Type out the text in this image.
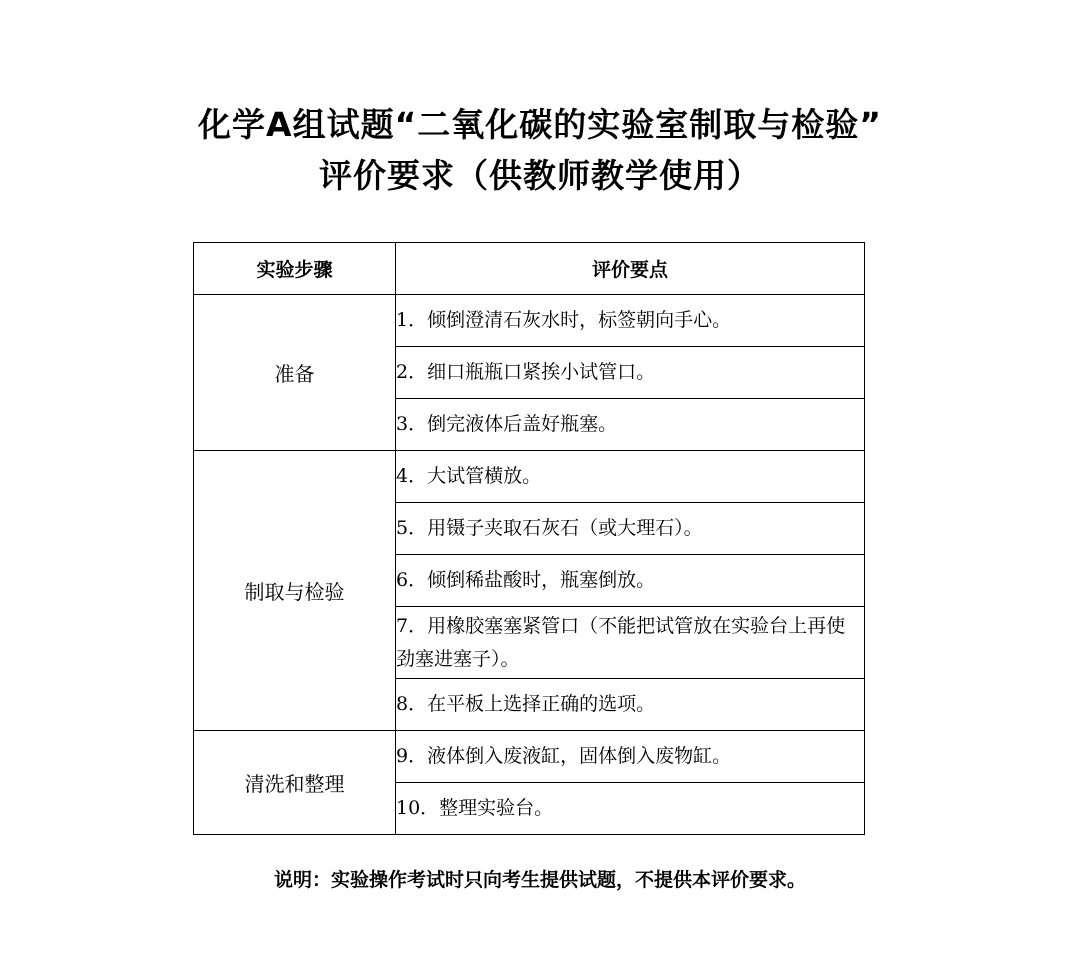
化学A组试题“二氧化碳的实验室制取与检验”
评价要求（供教师教学使用）
实验步骤	评价要点
准备	1．倾倒澄清石灰水时，标签朝向手心。
	2．细口瓶瓶口紧挨小试管口。
	3．倒完液体后盖好瓶塞。
制取与检验	4．大试管横放。
	5．用镊子夹取石灰石（或大理石）。
	6．倾倒稀盐酸时，瓶塞倒放。
	7．用橡胶塞塞紧管口（不能把试管放在实验台上再使劲塞进塞子）。
	8．在平板上选择正确的选项。
清洗和整理	9．液体倒入废液缸，固体倒入废物缸。
	10．整理实验台。
说明：实验操作考试时只向考生提供试题，不提供本评价要求。
